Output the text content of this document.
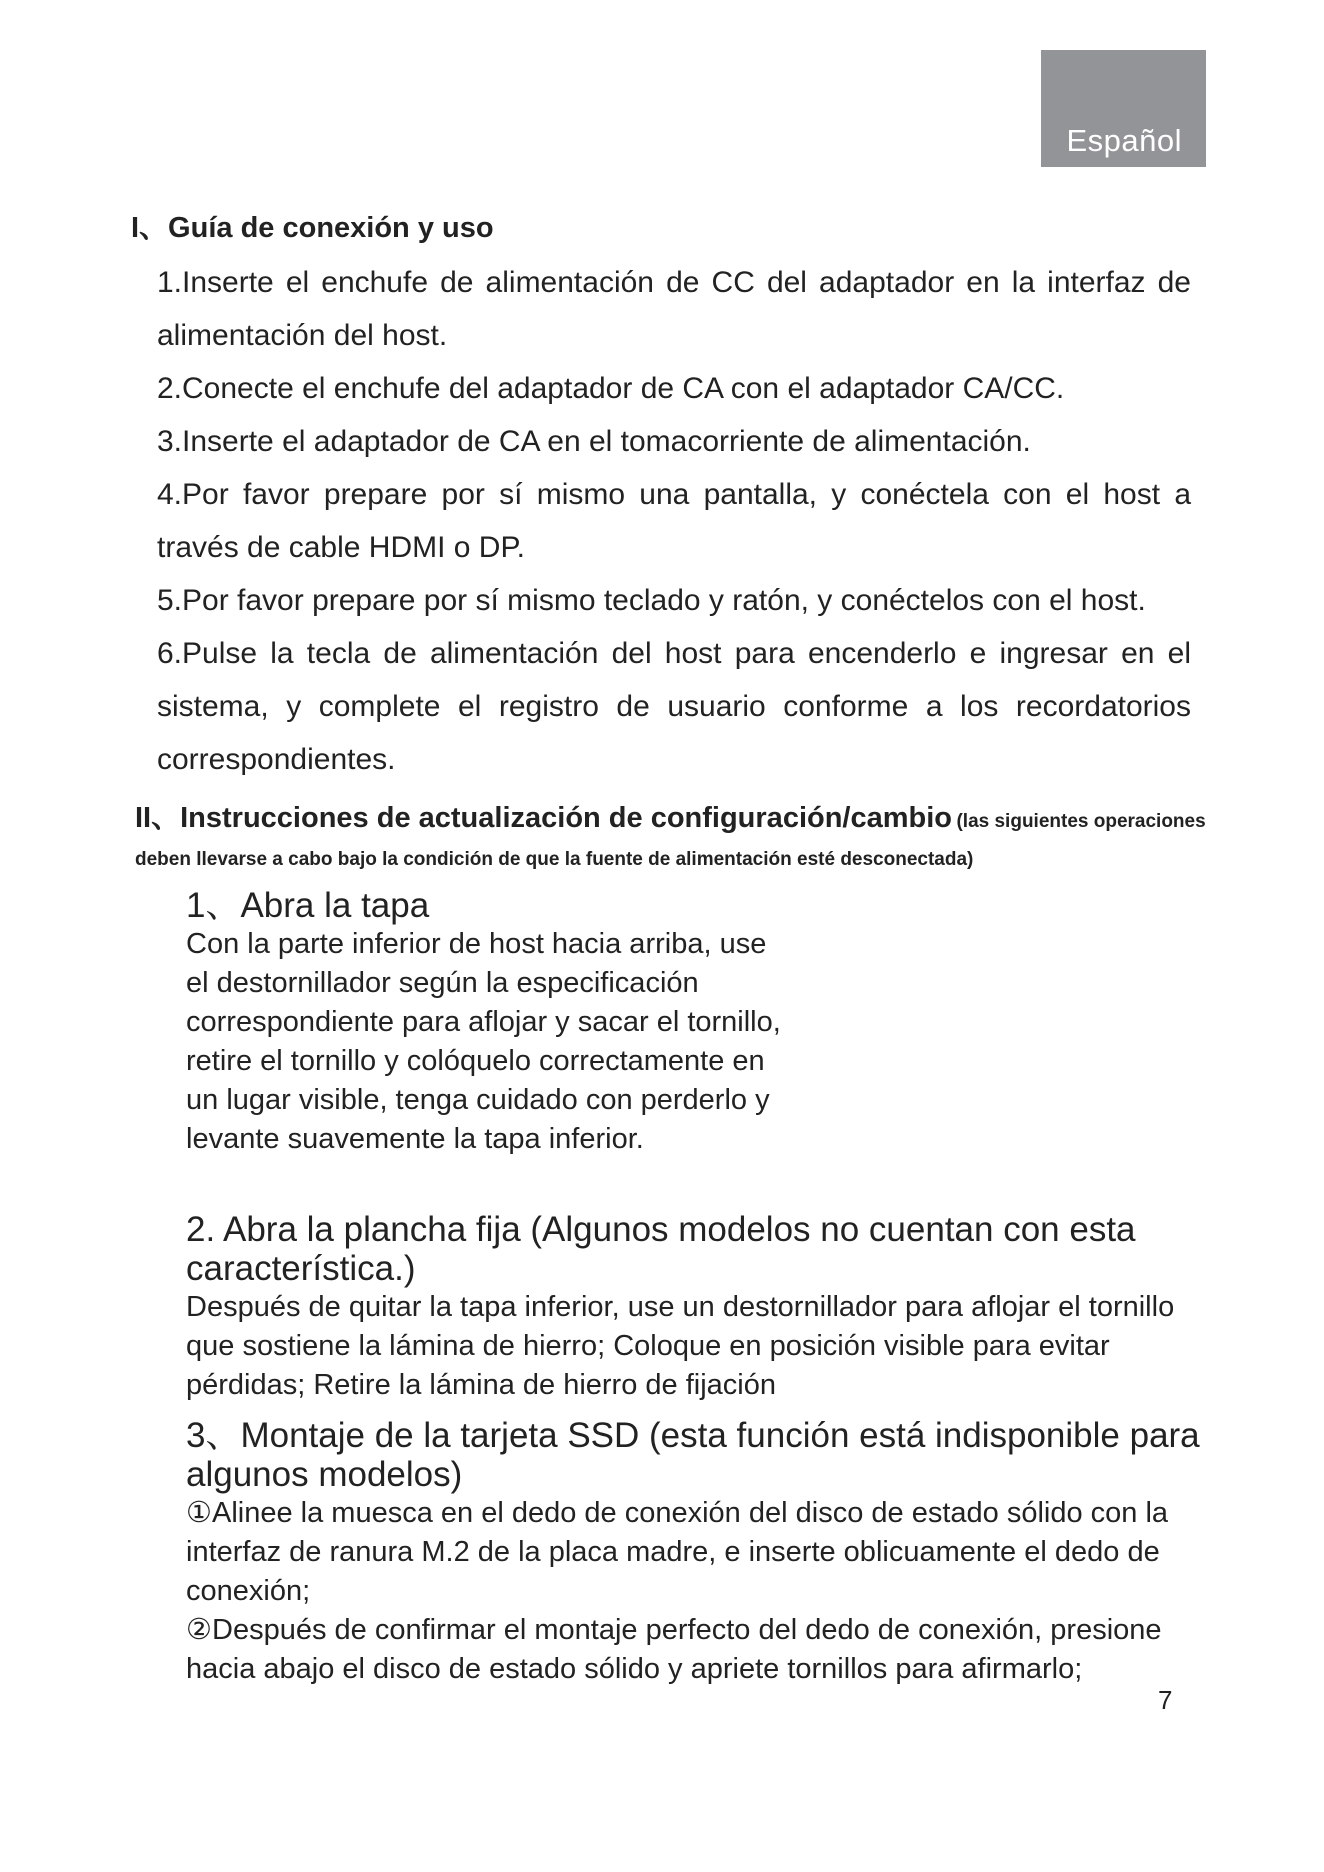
Español
I、Guía de conexión y uso

1.Inserte el enchufe de alimentación de CC del adaptador en la interfaz de alimentación del host.

2.Conecte el enchufe del adaptador de CA con el adaptador CA/CC.

3.Inserte el adaptador de CA en el tomacorriente de alimentación.

4.Por favor prepare por sí mismo una pantalla, y conéctela con el host a través de cable HDMI o DP.

5.Por favor prepare por sí mismo teclado y ratón, y conéctelos con el host.

6.Pulse la tecla de alimentación del host para encenderlo e ingresar en el sistema, y complete el registro de usuario conforme a los recordatorios correspondientes.

II、Instrucciones de actualización de configuración/cambio (las siguientes operaciones deben llevarse a cabo bajo la condición de que la fuente de alimentación esté desconectada)
1、Abra la tapa

Con la parte inferior de host hacia arriba, use el destornillador según la especificación correspondiente para aflojar y sacar el tornillo, retire el tornillo y colóquelo correctamente en un lugar visible, tenga cuidado con perderlo y levante suavemente la tapa inferior.

2. Abra la plancha fija (Algunos modelos no cuentan con esta característica.)

Después de quitar la tapa inferior, use un destornillador para aflojar el tornillo que sostiene la lámina de hierro; Coloque en posición visible para evitar pérdidas; Retire la lámina de hierro de fijación

3、Montaje de la tarjeta SSD (esta función está indisponible para algunos modelos)

①Alinee la muesca en el dedo de conexión del disco de estado sólido con la interfaz de ranura M.2 de la placa madre, e inserte oblicuamente el dedo de conexión;

②Después de confirmar el montaje perfecto del dedo de conexión, presione hacia abajo el disco de estado sólido y apriete tornillos para afirmarlo;

7
